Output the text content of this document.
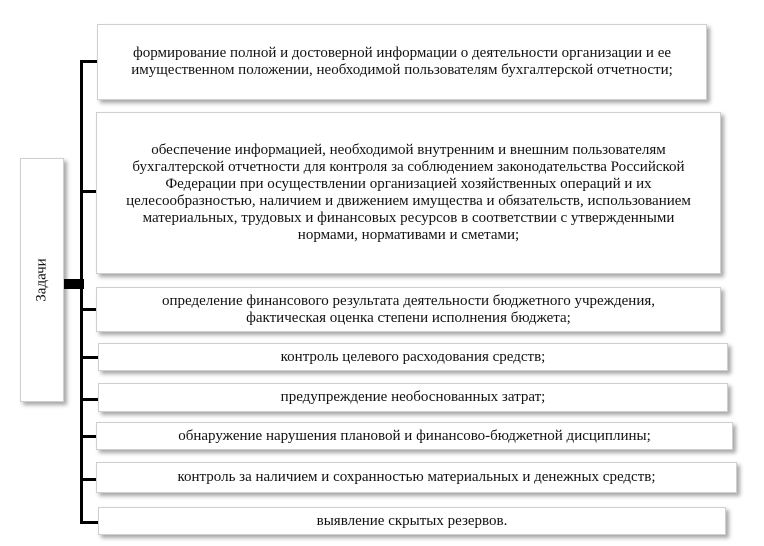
Задачи
формирование полной и достоверной информации о деятельности организации и ее имущественном положении, необходимой пользователям бухгалтерской отчетности;
обеспечение информацией, необходимой внутренним и внешним пользователям бухгалтерской отчетности для контроля за соблюдением законодательства Российской Федерации при осуществлении организацией хозяйственных операций и их целесообразностью, наличием и движением имущества и обязательств, использованием материальных, трудовых и финансовых ресурсов в соответствии с утвержденными нормами, нормативами и сметами;
определение финансового результата деятельности бюджетного учреждения, фактическая оценка степени исполнения бюджета;
контроль целевого расходования средств;
предупреждение необоснованных затрат;
обнаружение нарушения плановой и финансово-бюджетной дисциплины;
контроль за наличием и сохранностью материальных и денежных средств;
выявление скрытых резервов.
